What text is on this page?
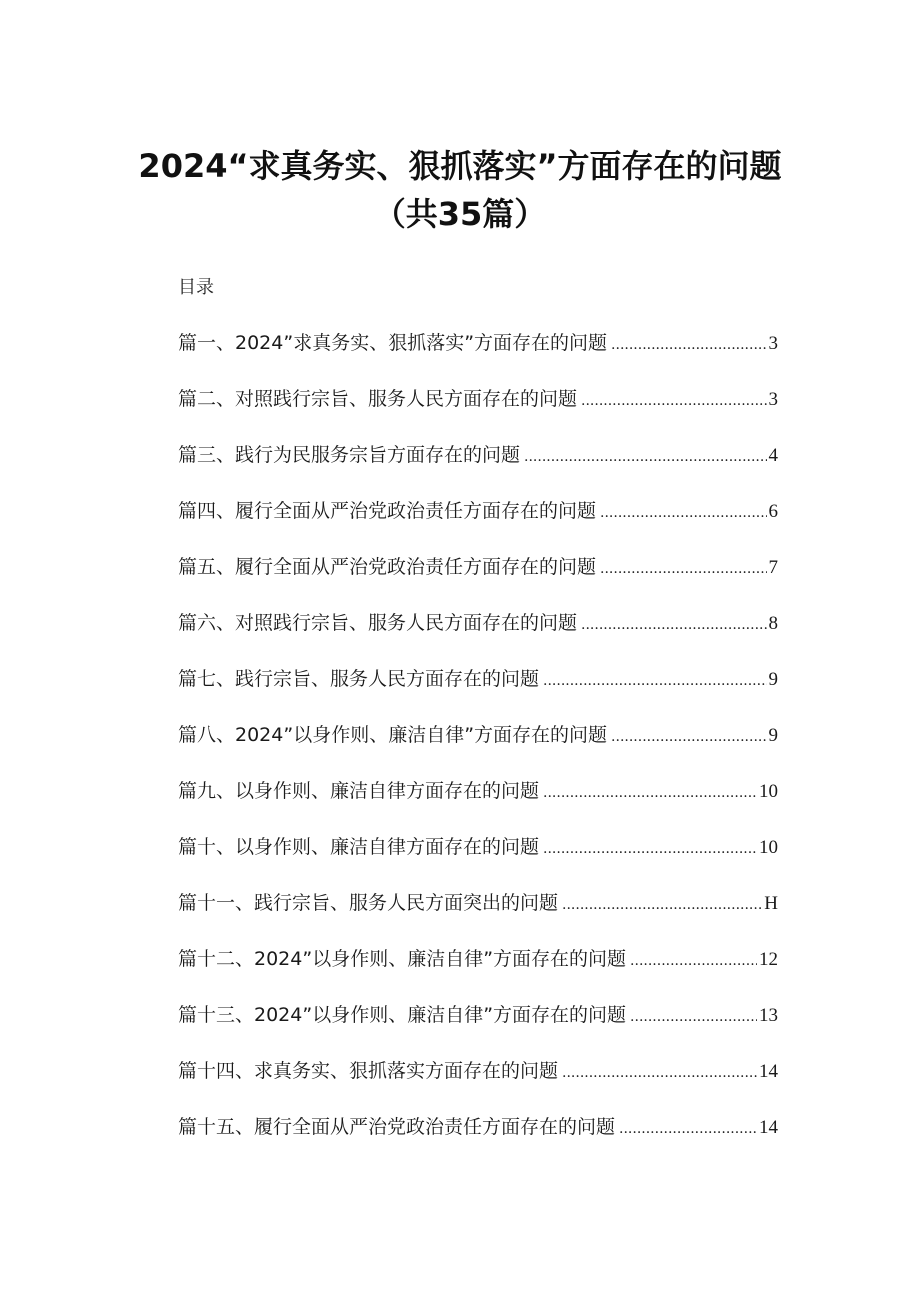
2024“求真务实、狠抓落实”方面存在的问题
（共35篇）
目录
篇一、2024”求真务实、狠抓落实”方面存在的问题 .....	3
篇二、对照践行宗旨、服务人民方面存在的问题 .....	3
篇三、践行为民服务宗旨方面存在的问题 .....	4
篇四、履行全面从严治党政治责任方面存在的问题 .....	6
篇五、履行全面从严治党政治责任方面存在的问题 .....	7
篇六、对照践行宗旨、服务人民方面存在的问题 .....	8
篇七、践行宗旨、服务人民方面存在的问题 .....	9
篇八、2024”以身作则、廉洁自律”方面存在的问题 .....	9
篇九、以身作则、廉洁自律方面存在的问题 .....	10
篇十、以身作则、廉洁自律方面存在的问题 .....	10
篇十一、践行宗旨、服务人民方面突出的问题 .....	H
篇十二、2024”以身作则、廉洁自律”方面存在的问题 .....	12
篇十三、2024”以身作则、廉洁自律”方面存在的问题 .....	13
篇十四、求真务实、狠抓落实方面存在的问题 .....	14
篇十五、履行全面从严治党政治责任方面存在的问题 .....	14
